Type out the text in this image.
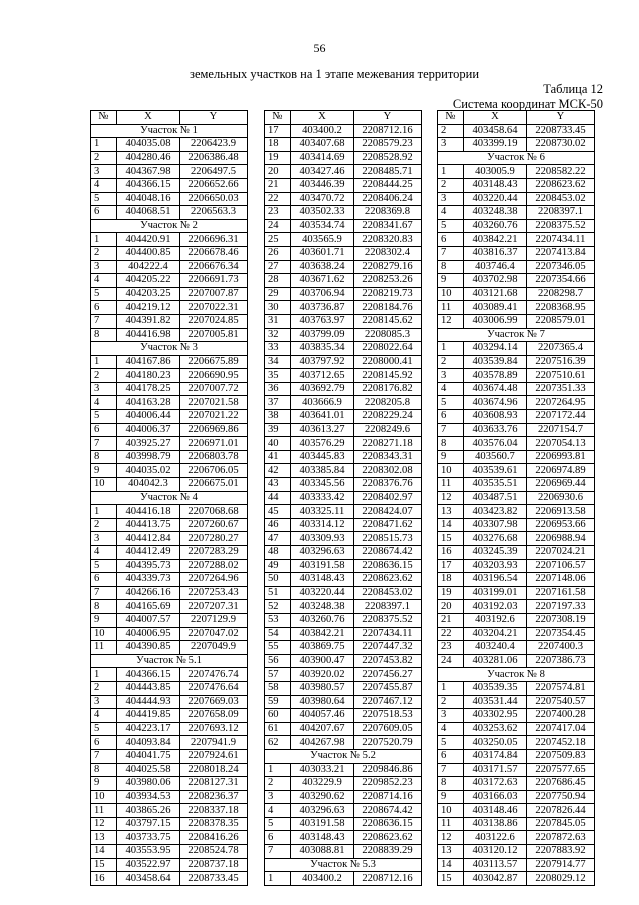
56
земельных участков на 1 этапе межевания территории
Таблица 12
Система координат МСК-50
№	X	Y
Участок № 1		
1	404035.08	2206423.9
2	404280.46	2206386.48
3	404367.98	2206497.5
4	404366.15	2206652.66
5	404048.16	2206650.03
6	404068.51	2206563.3
Участок № 2		
1	404420.91	2206696.31
2	404400.85	2206678.46
3	404222.4	2206676.34
4	404205.22	2206691.73
5	404203.25	2207007.87
6	404219.12	2207022.31
7	404391.82	2207024.85
8	404416.98	2207005.81
Участок № 3		
1	404167.86	2206675.89
2	404180.23	2206690.95
3	404178.25	2207007.72
4	404163.28	2207021.58
5	404006.44	2207021.22
6	404006.37	2206969.86
7	403925.27	2206971.01
8	403998.79	2206803.78
9	404035.02	2206706.05
10	404042.3	2206675.01
Участок № 4		
1	404416.18	2207068.68
2	404413.75	2207260.67
3	404412.84	2207280.27
4	404412.49	2207283.29
5	404395.73	2207288.02
6	404339.73	2207264.96
7	404266.16	2207253.43
8	404165.69	2207207.31
9	404007.57	2207129.9
10	404006.95	2207047.02
11	404390.85	2207049.9
Участок № 5.1		
1	404366.15	2207476.74
2	404443.85	2207476.64
3	404444.93	2207669.03
4	404419.85	2207658.09
5	404223.17	2207693.12
6	404093.84	2207941.9
7	404041.75	2207924.61
8	404025.58	2208018.24
9	403980.06	2208127.31
10	403934.53	2208236.37
11	403865.26	2208337.18
12	403797.15	2208378.35
13	403733.75	2208416.26
14	403553.95	2208524.78
15	403522.97	2208737.18
16	403458.64	2208733.45
№	X	Y
17	403400.2	2208712.16
18	403407.68	2208579.23
19	403414.69	2208528.92
20	403427.46	2208485.71
21	403446.39	2208444.25
22	403470.72	2208406.24
23	403502.33	2208369.8
24	403534.74	2208341.67
25	403565.9	2208320.83
26	403601.71	2208302.4
27	403638.24	2208279.16
28	403671.62	2208253.26
29	403706.94	2208219.73
30	403736.87	2208184.76
31	403763.97	2208145.62
32	403799.09	2208085.3
33	403835.34	2208022.64
34	403797.92	2208000.41
35	403712.65	2208145.92
36	403692.79	2208176.82
37	403666.9	2208205.8
38	403641.01	2208229.24
39	403613.27	2208249.6
40	403576.29	2208271.18
41	403445.83	2208343.31
42	403385.84	2208302.08
43	403345.56	2208376.76
44	403333.42	2208402.97
45	403325.11	2208424.07
46	403314.12	2208471.62
47	403309.93	2208515.73
48	403296.63	2208674.42
49	403191.58	2208636.15
50	403148.43	2208623.62
51	403220.44	2208453.02
52	403248.38	2208397.1
53	403260.76	2208375.52
54	403842.21	2207434.11
55	403869.75	2207447.32
56	403900.47	2207453.82
57	403920.02	2207456.27
58	403980.57	2207455.87
59	403980.64	2207467.12
60	404057.46	2207518.53
61	404207.67	2207609.05
62	404267.98	2207520.79
Участок № 5.2		
1	403033.21	2209846.86
2	403229.9	2209852.23
3	403290.62	2208714.16
4	403296.63	2208674.42
5	403191.58	2208636.15
6	403148.43	2208623.62
7	403088.81	2208839.29
Участок № 5.3		
1	403400.2	2208712.16
№	X	Y
2	403458.64	2208733.45
3	403399.19	2208730.02
Участок № 6		
1	403005.9	2208582.22
2	403148.43	2208623.62
3	403220.44	2208453.02
4	403248.38	2208397.1
5	403260.76	2208375.52
6	403842.21	2207434.11
7	403816.37	2207413.84
8	403746.4	2207346.05
9	403702.98	2207354.66
10	403121.68	2208298.7
11	403089.41	2208368.95
12	403006.99	2208579.01
Участок № 7		
1	403294.14	2207365.4
2	403539.84	2207516.39
3	403578.89	2207510.61
4	403674.48	2207351.33
5	403674.96	2207264.95
6	403608.93	2207172.44
7	403633.76	2207154.7
8	403576.04	2207054.13
9	403560.7	2206993.81
10	403539.61	2206974.89
11	403535.51	2206969.44
12	403487.51	2206930.6
13	403423.82	2206913.58
14	403307.98	2206953.66
15	403276.68	2206988.94
16	403245.39	2207024.21
17	403203.93	2207106.57
18	403196.54	2207148.06
19	403199.01	2207161.58
20	403192.03	2207197.33
21	403192.6	2207308.19
22	403204.21	2207354.45
23	403240.4	2207400.3
24	403281.06	2207386.73
Участок № 8		
1	403539.35	2207574.81
2	403531.44	2207540.57
3	403302.95	2207400.28
4	403253.62	2207417.04
5	403250.05	2207452.18
6	403174.84	2207509.83
7	403171.57	2207577.65
8	403172.63	2207686.45
9	403166.03	2207750.94
10	403148.46	2207826.44
11	403138.86	2207845.05
12	403122.6	2207872.63
13	403120.12	2207883.92
14	403113.57	2207914.77
15	403042.87	2208029.12
